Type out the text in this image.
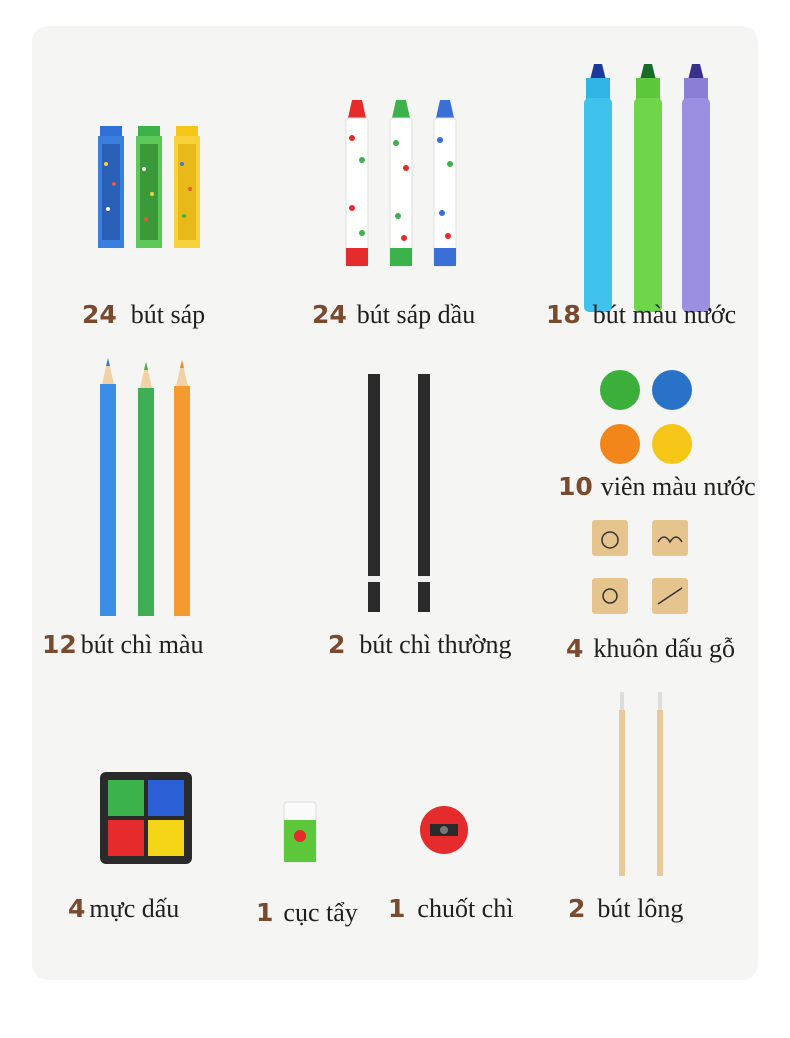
24 bút sáp	24 bút sáp dầu	18 bút màu nước
12 bút chì màu	2 bút chì thường
10 viên màu nước
4 khuôn dấu gỗ
4 mực dấu	1 cục tẩy 1 chuốt chì 2 bút lông
